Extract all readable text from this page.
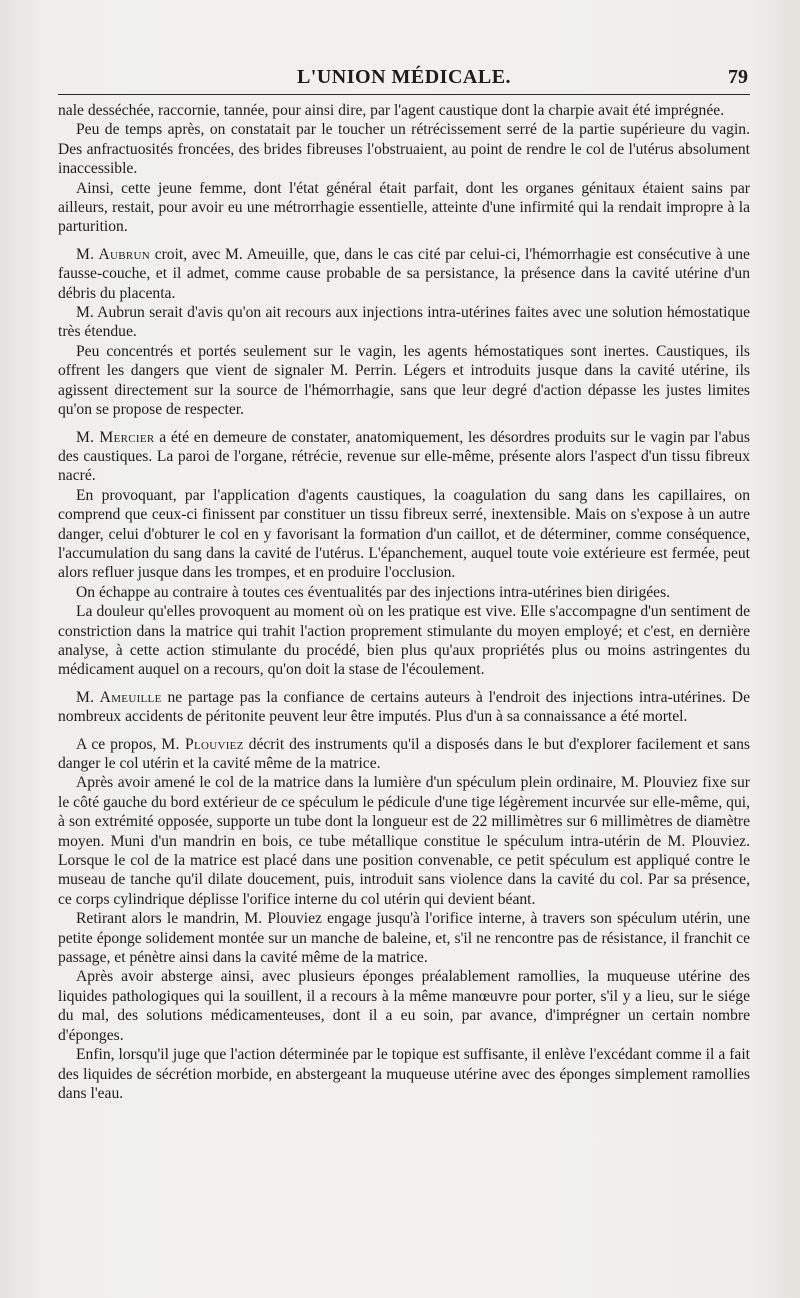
L'UNION MÉDICALE.	79

nale desséchée, raccornie, tannée, pour ainsi dire, par l'agent caustique dont la charpie avait été imprégnée.

Peu de temps après, on constatait par le toucher un rétrécissement serré de la partie supérieure du vagin. Des anfractuosités froncées, des brides fibreuses l'obstruaient, au point de rendre le col de l'utérus absolument inaccessible.

Ainsi, cette jeune femme, dont l'état général était parfait, dont les organes génitaux étaient sains par ailleurs, restait, pour avoir eu une métrorrhagie essentielle, atteinte d'une infirmité qui la rendait impropre à la parturition.

M. Aubrun croit, avec M. Ameuille, que, dans le cas cité par celui-ci, l'hémorrhagie est consécutive à une fausse-couche, et il admet, comme cause probable de sa persistance, la présence dans la cavité utérine d'un débris du placenta.

M. Aubrun serait d'avis qu'on ait recours aux injections intra-utérines faites avec une solution hémostatique très étendue.

Peu concentrés et portés seulement sur le vagin, les agents hémostatiques sont inertes. Caustiques, ils offrent les dangers que vient de signaler M. Perrin. Légers et introduits jusque dans la cavité utérine, ils agissent directement sur la source de l'hémorrhagie, sans que leur degré d'action dépasse les justes limites qu'on se propose de respecter.

M. Mercier a été en demeure de constater, anatomiquement, les désordres produits sur le vagin par l'abus des caustiques. La paroi de l'organe, rétrécie, revenue sur elle-même, présente alors l'aspect d'un tissu fibreux nacré.

En provoquant, par l'application d'agents caustiques, la coagulation du sang dans les capillaires, on comprend que ceux-ci finissent par constituer un tissu fibreux serré, inextensible. Mais on s'expose à un autre danger, celui d'obturer le col en y favorisant la formation d'un caillot, et de déterminer, comme conséquence, l'accumulation du sang dans la cavité de l'utérus. L'épanchement, auquel toute voie extérieure est fermée, peut alors refluer jusque dans les trompes, et en produire l'occlusion.

On échappe au contraire à toutes ces éventualités par des injections intra-utérines bien dirigées.

La douleur qu'elles provoquent au moment où on les pratique est vive. Elle s'accompagne d'un sentiment de constriction dans la matrice qui trahit l'action proprement stimulante du moyen employé; et c'est, en dernière analyse, à cette action stimulante du procédé, bien plus qu'aux propriétés plus ou moins astringentes du médicament auquel on a recours, qu'on doit la stase de l'écoulement.

M. Ameuille ne partage pas la confiance de certains auteurs à l'endroit des injections intra-utérines. De nombreux accidents de péritonite peuvent leur être imputés. Plus d'un à sa connaissance a été mortel.

A ce propos, M. Plouviez décrit des instruments qu'il a disposés dans le but d'explorer facilement et sans danger le col utérin et la cavité même de la matrice.

Après avoir amené le col de la matrice dans la lumière d'un spéculum plein ordinaire, M. Plouviez fixe sur le côté gauche du bord extérieur de ce spéculum le pédicule d'une tige légèrement incurvée sur elle-même, qui, à son extrémité opposée, supporte un tube dont la longueur est de 22 millimètres sur 6 millimètres de diamètre moyen. Muni d'un mandrin en bois, ce tube métallique constitue le spéculum intra-utérin de M. Plouviez. Lorsque le col de la matrice est placé dans une position convenable, ce petit spéculum est appliqué contre le museau de tanche qu'il dilate doucement, puis, introduit sans violence dans la cavité du col. Par sa présence, ce corps cylindrique déplisse l'orifice interne du col utérin qui devient béant.

Retirant alors le mandrin, M. Plouviez engage jusqu'à l'orifice interne, à travers son spéculum utérin, une petite éponge solidement montée sur un manche de baleine, et, s'il ne rencontre pas de résistance, il franchit ce passage, et pénètre ainsi dans la cavité même de la matrice.

Après avoir absterge ainsi, avec plusieurs éponges préalablement ramollies, la muqueuse utérine des liquides pathologiques qui la souillent, il a recours à la même manœuvre pour porter, s'il y a lieu, sur le siége du mal, des solutions médicamenteuses, dont il a eu soin, par avance, d'imprégner un certain nombre d'éponges.

Enfin, lorsqu'il juge que l'action déterminée par le topique est suffisante, il enlève l'excédant comme il a fait des liquides de sécrétion morbide, en abstergeant la muqueuse utérine avec des éponges simplement ramollies dans l'eau.
